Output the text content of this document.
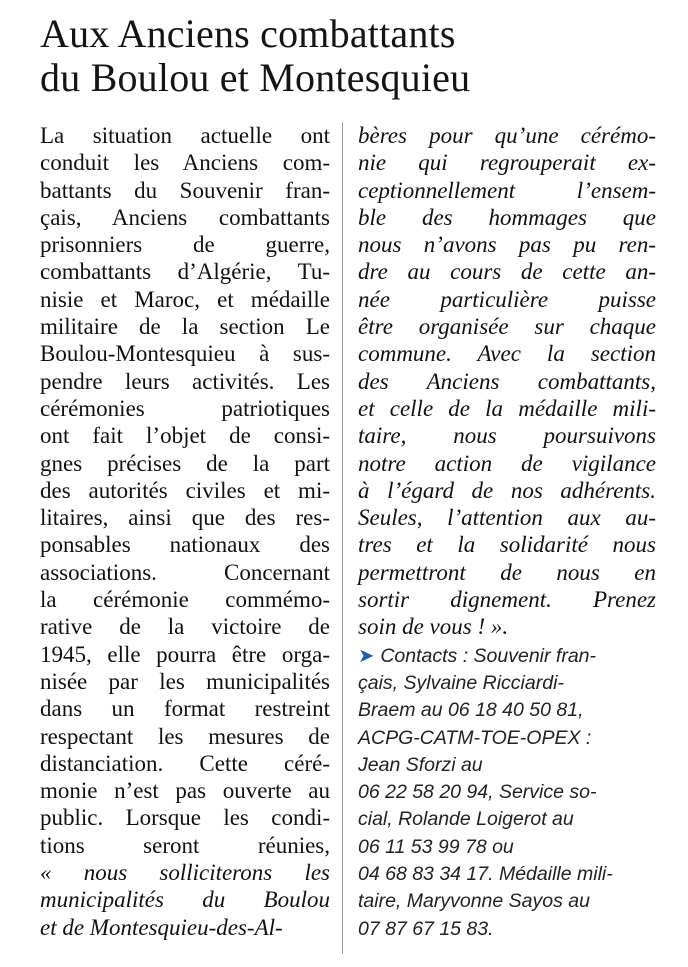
Aux Anciens combattants
du Boulou et Montesquieu
La situation actuelle ont
conduit les Anciens com-
battants du Souvenir fran-
çais, Anciens combattants
prisonniers de guerre,
combattants d’Algérie, Tu-
nisie et Maroc, et médaille
militaire de la section Le
Boulou-Montesquieu à sus-
pendre leurs activités. Les
cérémonies patriotiques
ont fait l’objet de consi-
gnes précises de la part
des autorités civiles et mi-
litaires, ainsi que des res-
ponsables nationaux des
associations. Concernant
la cérémonie commémo-
rative de la victoire de
1945, elle pourra être orga-
nisée par les municipalités
dans un format restreint
respectant les mesures de
distanciation. Cette céré-
monie n’est pas ouverte au
public. Lorsque les condi-
tions seront réunies,
« nous solliciterons les
municipalités du Boulou
et de Montesquieu-des-Al-
bères pour qu’une cérémo-
nie qui regrouperait ex-
ceptionnellement l’ensem-
ble des hommages que
nous n’avons pas pu ren-
dre au cours de cette an-
née particulière puisse
être organisée sur chaque
commune. Avec la section
des Anciens combattants,
et celle de la médaille mili-
taire, nous poursuivons
notre action de vigilance
à l’égard de nos adhérents.
Seules, l’attention aux au-
tres et la solidarité nous
permettront de nous en
sortir dignement. Prenez
soin de vous ! ».
➤ Contacts : Souvenir fran-
çais, Sylvaine Ricciardi-
Braem au 06 18 40 50 81,
ACPG-CATM-TOE-OPEX :
Jean Sforzi au
06 22 58 20 94, Service so-
cial, Rolande Loigerot au
06 11 53 99 78 ou
04 68 83 34 17. Médaille mili-
taire, Maryvonne Sayos au
07 87 67 15 83.
